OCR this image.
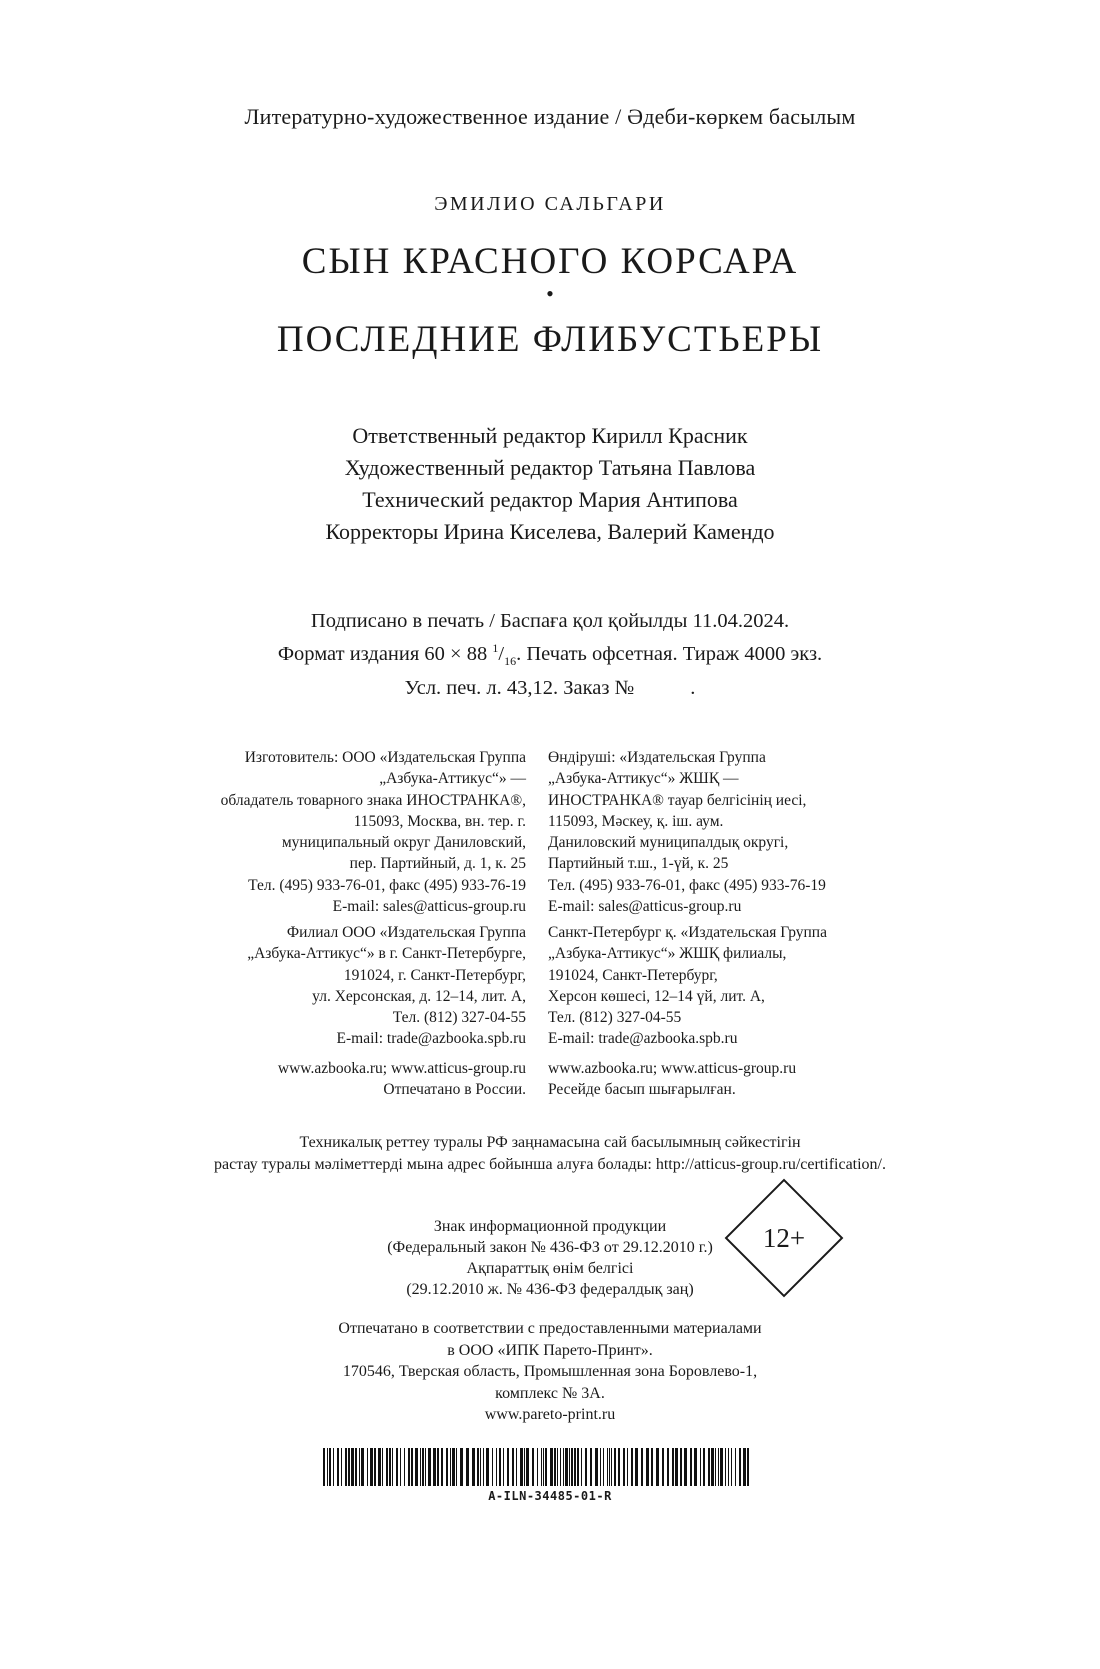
Литературно-художественное издание / Әдеби-көркем басылым
ЭМИЛИО САЛЬГАРИ
СЫН КРАСНОГО КОРСАРА
•
ПОСЛЕДНИЕ ФЛИБУСТЬЕРЫ
Ответственный редактор Кирилл Красник
Художественный редактор Татьяна Павлова
Технический редактор Мария Антипова
Корректоры Ирина Киселева, Валерий Камендо
Подписано в печать / Баспаға қол қойылды 11.04.2024.
Формат издания 60 × 88 $^1/_{16}$. Печать офсетная. Тираж 4000 экз.
Усл. печ. л. 43,12. Заказ №	.
Изготовитель: ООО «Издательская Группа
„Азбука-Аттикус“» —
обладатель товарного знака ИНОСТРАНКА®,
115093, Москва, вн. тер. г.
муниципальный округ Даниловский,
пер. Партийный, д. 1, к. 25
Тел. (495) 933-76-01, факс (495) 933-76-19
E-mail: sales@atticus-group.ru
Өндіруші: «Издательская Группа
„Азбука-Аттикус“» ЖШҚ —
ИНОСТРАНКА® тауар белгісінің иесі,
115093, Мәскеу, қ. іш. аум.
Даниловский муниципалдық округі,
Партийный т.ш., 1-үй, к. 25
Тел. (495) 933-76-01, факс (495) 933-76-19
E-mail: sales@atticus-group.ru
Филиал ООО «Издательская Группа
„Азбука-Аттикус“» в г. Санкт-Петербурге,
191024, г. Санкт-Петербург,
ул. Херсонская, д. 12–14, лит. А,
Тел. (812) 327-04-55
E-mail: trade@azbooka.spb.ru
Санкт-Петербург қ. «Издательская Группа
„Азбука-Аттикус“» ЖШҚ филиалы,
191024, Санкт-Петербург,
Херсон көшесі, 12–14 үй, лит. А,
Тел. (812) 327-04-55
E-mail: trade@azbooka.spb.ru
www.azbooka.ru; www.atticus-group.ru
Отпечатано в России.
www.azbooka.ru; www.atticus-group.ru
Ресейде басып шығарылған.
Техникалық реттеу туралы РФ заңнамасына сай басылымның сәйкестігін
растау туралы мәліметтерді мына адрес бойынша алуға болады: http://atticus-group.ru/certification/.
Знак информационной продукции
(Федеральный закон № 436-ФЗ от 29.12.2010 г.)
Ақпараттық өнім белгісі
(29.12.2010 ж. № 436-ФЗ федералдық заң)
12+
Отпечатано в соответствии с предоставленными материалами
в ООО «ИПК Парето-Принт».
170546, Тверская область, Промышленная зона Боровлево-1,
комплекс № 3А.
www.pareto-print.ru
A-ILN-34485-01-R
